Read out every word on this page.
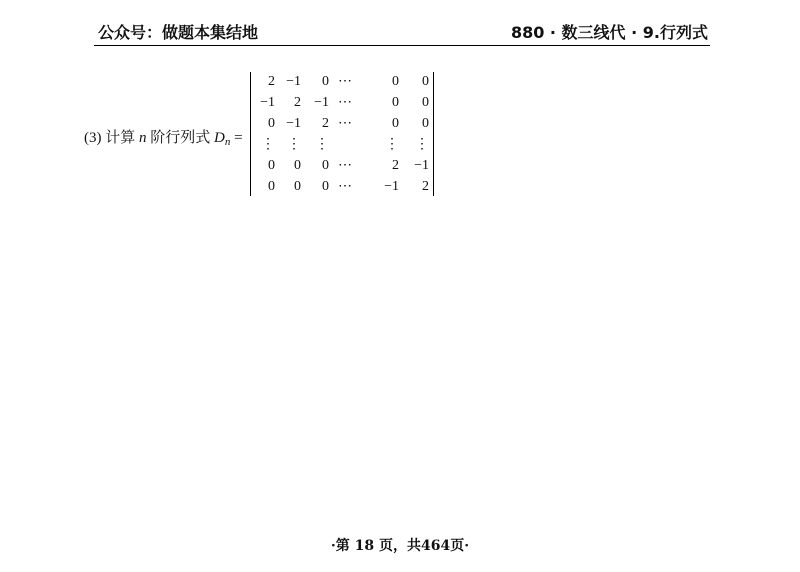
公众号：做题本集结地	880 · 数三线代 · 9.行列式
(3) 计算 n 阶行列式 $D_n$ =
2 −1	0 ⋯	0	0
−1	2 −1 ⋯	0	0
0 −1	2 ⋯	0	0
⋮ ⋮	⋮	⋮	⋮
0	0	0 ⋯	2	−1
0	0	0 ⋯	−1	2
·第 18 页，共464页·
